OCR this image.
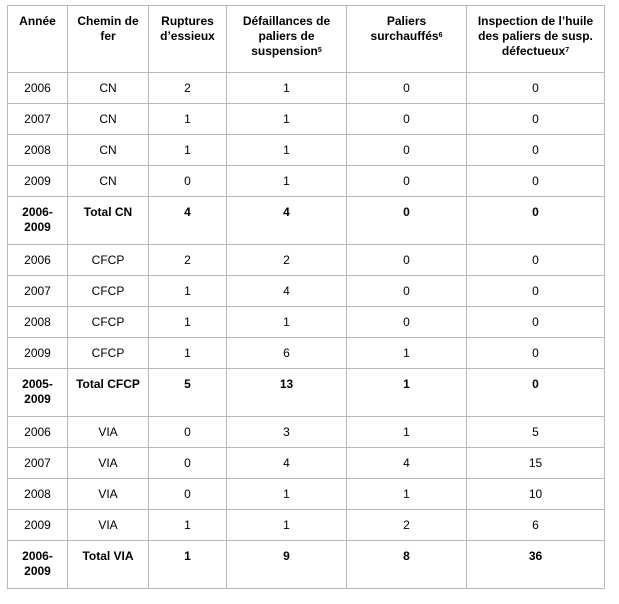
Année	Chemin de fer	Ruptures d’essieux	Défaillances de paliers de suspension$^5$	Paliers surchauffés$^6$	Inspection de l’huile des paliers de susp. défectueux$^7$
2006	CN	2	1	0	0
2007	CN	1	1	0	0
2008	CN	1	1	0	0
2009	CN	0	1	0	0
2006-2009	Total CN	4	4	0	0
2006	CFCP	2	2	0	0
2007	CFCP	1	4	0	0
2008	CFCP	1	1	0	0
2009	CFCP	1	6	1	0
2005-2009	Total CFCP	5	13	1	0
2006	VIA	0	3	1	5
2007	VIA	0	4	4	15
2008	VIA	0	1	1	10
2009	VIA	1	1	2	6
2006-2009	Total VIA	1	9	8	36
